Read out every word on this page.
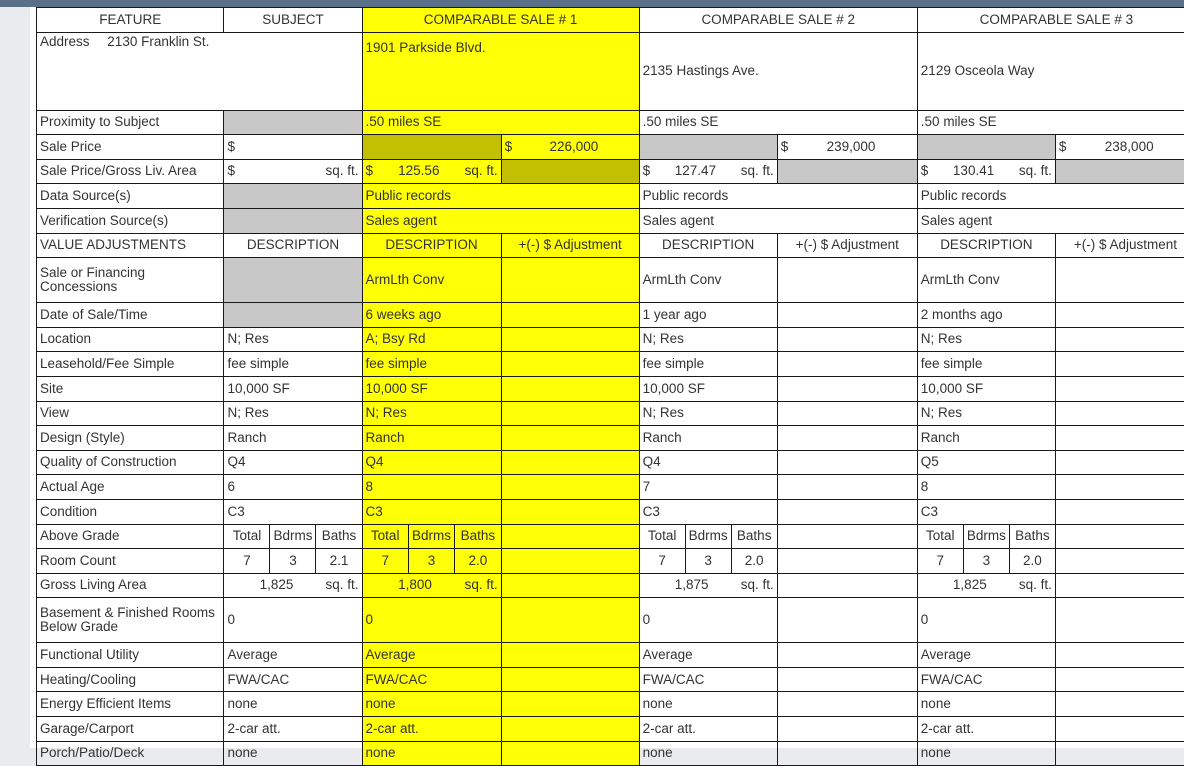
FEATURE	SUBJECT	COMPARABLE SALE # 1		COMPARABLE SALE # 2		COMPARABLE SALE # 3	
Address 2130 Franklin St.		1901 Parkside Blvd.		2135 Hastings Ave.		2129 Osceola Way	
Proximity to Subject		.50 miles SE		.50 miles SE		.50 miles SE	
Sale Price	$		$ 226,000		$ 239,000		$ 238,000

Sale Price/Gross Liv. Area	$ sq. ft.	$ 125.56 sq. ft.		$ 127.47 sq. ft.		$ 130.41 sq. ft.	

Data Source(s)		Public records		Public records		Public records	
Verification Source(s)		Sales agent		Sales agent		Sales agent	
VALUE ADJUSTMENTS	DESCRIPTION	DESCRIPTION	+(-) $ Adjustment	DESCRIPTION	+(-) $ Adjustment	DESCRIPTION	+(-) $ Adjustment
Sale or Financing Concessions		ArmLth Conv		ArmLth Conv		ArmLth Conv	
Date of Sale/Time		6 weeks ago		1 year ago		2 months ago	
Location	N; Res	A; Bsy Rd		N; Res		N; Res	
Leasehold/Fee Simple	fee simple	fee simple		fee simple		fee simple	
Site	10,000 SF	10,000 SF		10,000 SF		10,000 SF	
View	N; Res	N; Res		N; Res		N; Res	
Design (Style)	Ranch	Ranch		Ranch		Ranch	
Quality of Construction	Q4	Q4		Q4		Q5	
Actual Age	6	8		7		8	
Condition	C3	C3		C3		C3	
Above Grade	Total Bdrms Baths	Total Bdrms Baths		Total Bdrms Baths		Total Bdrms Baths	

Room Count	7 3 2.1	7 3 2.0		7 3 2.0		7 3 2.0	

Gross Living Area	1,825 sq. ft.	1,800 sq. ft.		1,875 sq. ft.		1,825 sq. ft.	

Basement & Finished Rooms Below Grade	0	0		0		0	
Functional Utility	Average	Average		Average		Average	
Heating/Cooling	FWA/CAC	FWA/CAC		FWA/CAC		FWA/CAC	
Energy Efficient Items	none	none		none		none	
Garage/Carport	2-car att.	2-car att.		2-car att.		2-car att.	
Porch/Patio/Deck	none	none		none		none	
